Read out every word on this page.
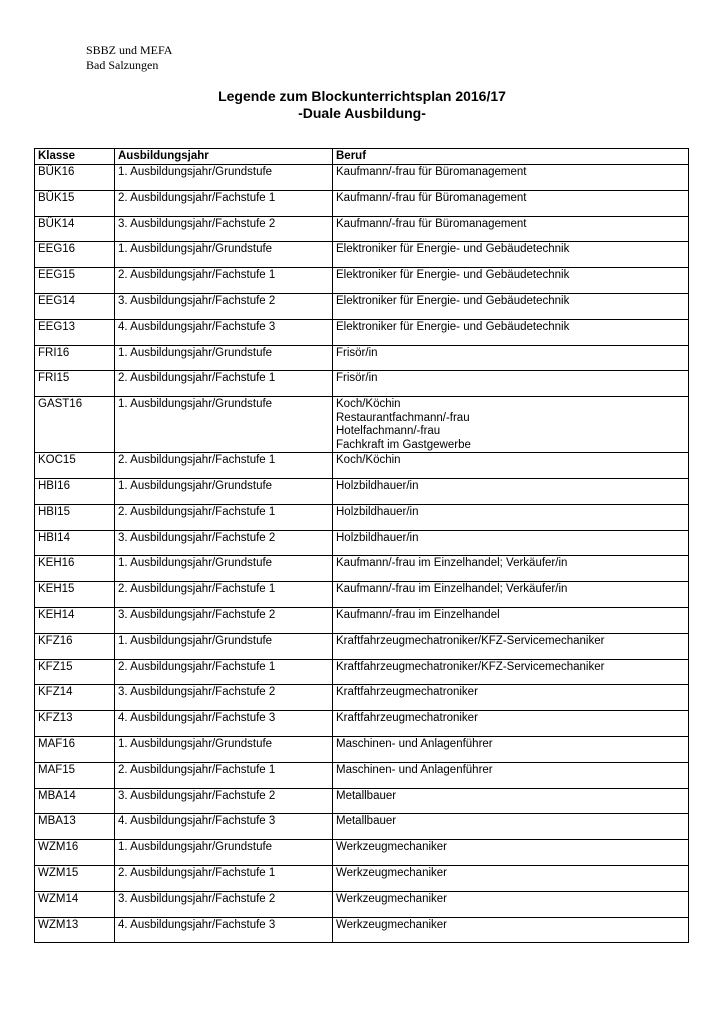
SBBZ und MEFA
Bad Salzungen
Legende zum Blockunterrichtsplan 2016/17
-Duale Ausbildung-
Klasse	Ausbildungsjahr	Beruf
BÜK16	1. Ausbildungsjahr/Grundstufe	Kaufmann/-frau für Büromanagement

BÜK15	2. Ausbildungsjahr/Fachstufe 1	Kaufmann/-frau für Büromanagement

BÜK14	3. Ausbildungsjahr/Fachstufe 2	Kaufmann/-frau für Büromanagement

EEG16	1. Ausbildungsjahr/Grundstufe	Elektroniker für Energie- und Gebäudetechnik

EEG15	2. Ausbildungsjahr/Fachstufe 1	Elektroniker für Energie- und Gebäudetechnik

EEG14	3. Ausbildungsjahr/Fachstufe 2	Elektroniker für Energie- und Gebäudetechnik

EEG13	4. Ausbildungsjahr/Fachstufe 3	Elektroniker für Energie- und Gebäudetechnik

FRI16	1. Ausbildungsjahr/Grundstufe	Frisör/in

FRI15	2. Ausbildungsjahr/Fachstufe 1	Frisör/in

GAST16	1. Ausbildungsjahr/Grundstufe	Koch/Köchin
Restaurantfachmann/-frau
Hotelfachmann/-frau
Fachkraft im Gastgewerbe

KOC15	2. Ausbildungsjahr/Fachstufe 1	Koch/Köchin

HBI16	1. Ausbildungsjahr/Grundstufe	Holzbildhauer/in

HBI15	2. Ausbildungsjahr/Fachstufe 1	Holzbildhauer/in

HBI14	3. Ausbildungsjahr/Fachstufe 2	Holzbildhauer/in

KEH16	1. Ausbildungsjahr/Grundstufe	Kaufmann/-frau im Einzelhandel; Verkäufer/in

KEH15	2. Ausbildungsjahr/Fachstufe 1	Kaufmann/-frau im Einzelhandel; Verkäufer/in

KEH14	3. Ausbildungsjahr/Fachstufe 2	Kaufmann/-frau im Einzelhandel

KFZ16	1. Ausbildungsjahr/Grundstufe	Kraftfahrzeugmechatroniker/KFZ-Servicemechaniker

KFZ15	2. Ausbildungsjahr/Fachstufe 1	Kraftfahrzeugmechatroniker/KFZ-Servicemechaniker

KFZ14	3. Ausbildungsjahr/Fachstufe 2	Kraftfahrzeugmechatroniker

KFZ13	4. Ausbildungsjahr/Fachstufe 3	Kraftfahrzeugmechatroniker

MAF16	1. Ausbildungsjahr/Grundstufe	Maschinen- und Anlagenführer

MAF15	2. Ausbildungsjahr/Fachstufe 1	Maschinen- und Anlagenführer

MBA14	3. Ausbildungsjahr/Fachstufe 2	Metallbauer

MBA13	4. Ausbildungsjahr/Fachstufe 3	Metallbauer

WZM16	1. Ausbildungsjahr/Grundstufe	Werkzeugmechaniker

WZM15	2. Ausbildungsjahr/Fachstufe 1	Werkzeugmechaniker

WZM14	3. Ausbildungsjahr/Fachstufe 2	Werkzeugmechaniker

WZM13	4. Ausbildungsjahr/Fachstufe 3	Werkzeugmechaniker
